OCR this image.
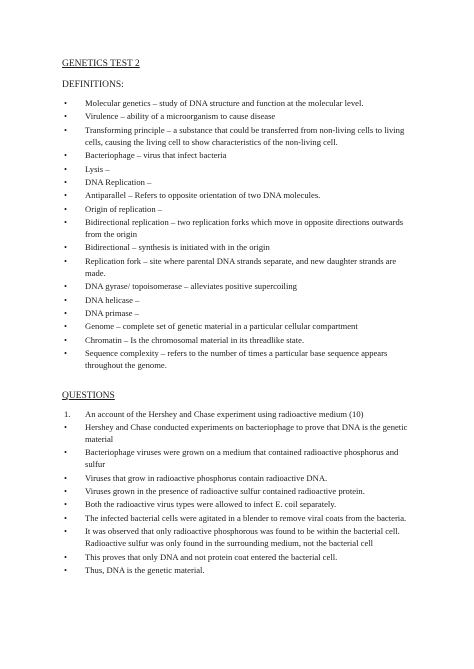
GENETICS TEST 2
DEFINITIONS:
• Molecular genetics – study of DNA structure and function at the molecular level.
• Virulence – ability of a microorganism to cause disease
• Transforming principle – a substance that could be transferred from non-living cells to living cells, causing the living cell to show characteristics of the non-living cell.
• Bacteriophage – virus that infect bacteria
• Lysis –
• DNA Replication –
• Antiparallel – Refers to opposite orientation of two DNA molecules.
• Origin of replication –
• Bidirectional replication – two replication forks which move in opposite directions outwards from the origin
• Bidirectional – synthesis is initiated with in the origin
• Replication fork – site where parental DNA strands separate, and new daughter strands are made.
• DNA gyrase/ topoisomerase – alleviates positive supercoiling
• DNA helicase –
• DNA primase –
• Genome – complete set of genetic material in a particular cellular compartment
• Chromatin – Is the chromosomal material in its threadlike state.
• Sequence complexity – refers to the number of times a particular base sequence appears throughout the genome.
QUESTIONS
1. An account of the Hershey and Chase experiment using radioactive medium (10)
• Hershey and Chase conducted experiments on bacteriophage to prove that DNA is the genetic material
• Bacteriophage viruses were grown on a medium that contained radioactive phosphorus and sulfur
• Viruses that grow in radioactive phosphorus contain radioactive DNA.
• Viruses grown in the presence of radioactive sulfur contained radioactive protein.
• Both the radioactive virus types were allowed to infect E. coil separately.
• The infected bacterial cells were agitated in a blender to remove viral coats from the bacteria.
• It was observed that only radioactive phosphorous was found to be within the bacterial cell. Radioactive sulfur was only found in the surrounding medium, not the bacterial cell
• This proves that only DNA and not protein coat entered the bacterial cell.
• Thus, DNA is the genetic material.
